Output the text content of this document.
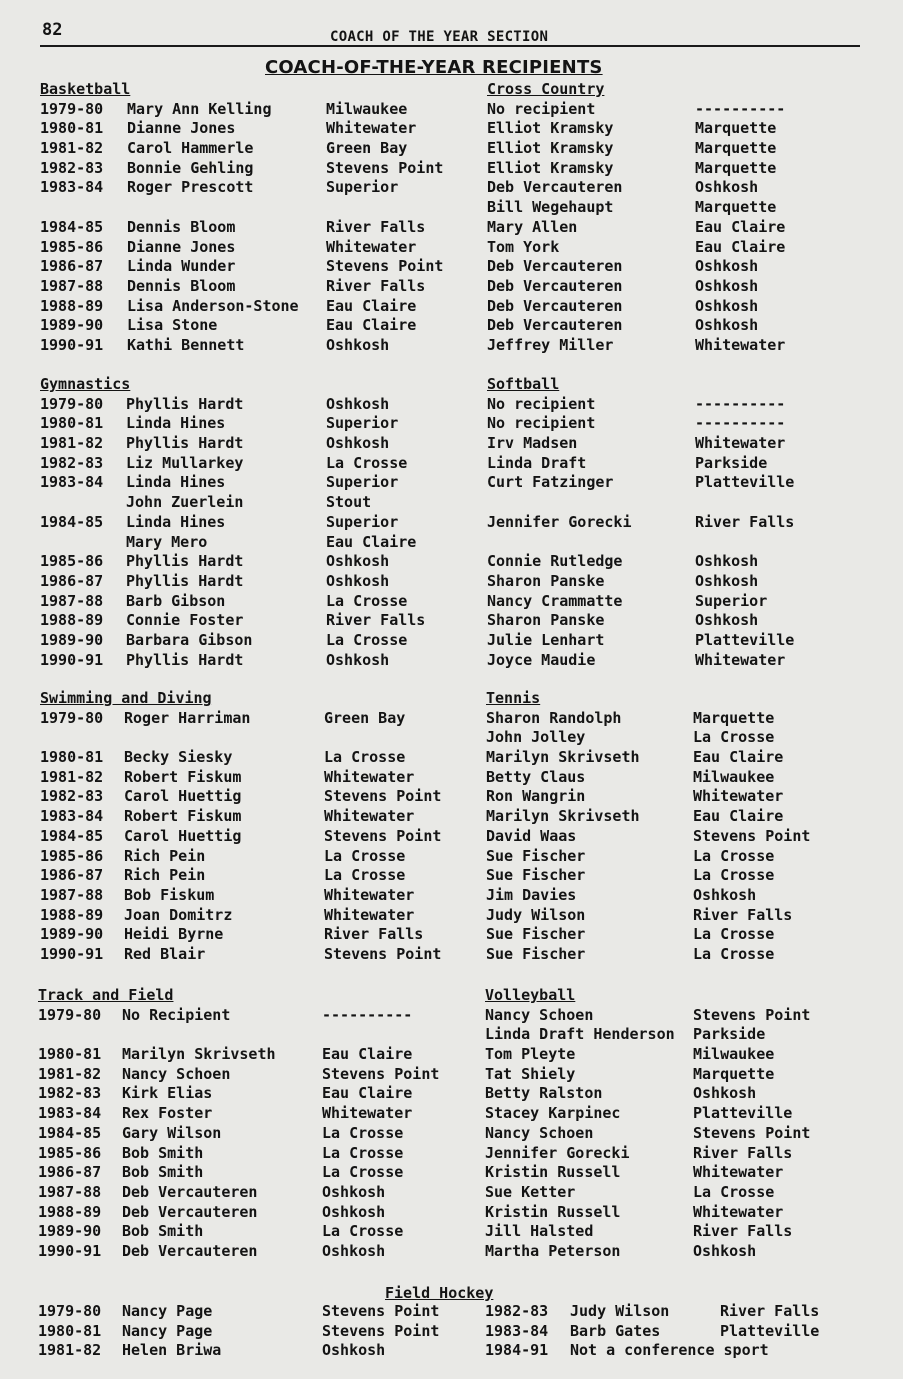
82	COACH OF THE YEAR SECTION
COACH-OF-THE-YEAR RECIPIENTS
Basketball
1979-80 Mary Ann Kelling	Milwaukee
1980-81 Dianne Jones	Whitewater
1981-82 Carol Hammerle	Green Bay
1982-83 Bonnie Gehling	Stevens Point
1983-84 Roger Prescott	Superior
1984-85 Dennis Bloom	River Falls
1985-86 Dianne Jones	Whitewater
1986-87 Linda Wunder	Stevens Point
1987-88 Dennis Bloom	River Falls
1988-89 Lisa Anderson-Stone Eau Claire
1989-90 Lisa Stone	Eau Claire
1990-91 Kathi Bennett	Oshkosh
Cross Country
No recipient	----------
Elliot Kramsky	Marquette
Elliot Kramsky	Marquette
Elliot Kramsky	Marquette
Deb Vercauteren	Oshkosh
Bill Wegehaupt	Marquette
Mary Allen	Eau Claire
Tom York	Eau Claire
Deb Vercauteren	Oshkosh
Deb Vercauteren	Oshkosh
Deb Vercauteren	Oshkosh
Deb Vercauteren	Oshkosh
Jeffrey Miller	Whitewater
Gymnastics
1979-80 Phyllis Hardt	Oshkosh
1980-81 Linda Hines	Superior
1981-82 Phyllis Hardt	Oshkosh
1982-83 Liz Mullarkey	La Crosse
1983-84 Linda Hines	Superior
John Zuerlein	Stout
1984-85 Linda Hines	Superior
Mary Mero	Eau Claire
1985-86 Phyllis Hardt	Oshkosh
1986-87 Phyllis Hardt	Oshkosh
1987-88 Barb Gibson	La Crosse
1988-89 Connie Foster	River Falls
1989-90 Barbara Gibson	La Crosse
1990-91 Phyllis Hardt	Oshkosh
Softball
No recipient	----------
No recipient	----------
Irv Madsen	Whitewater
Linda Draft	Parkside
Curt Fatzinger	Platteville
Jennifer Gorecki	River Falls
Connie Rutledge	Oshkosh
Sharon Panske	Oshkosh
Nancy Crammatte	Superior
Sharon Panske	Oshkosh
Julie Lenhart	Platteville
Joyce Maudie	Whitewater
Swimming and Diving
1979-80 Roger Harriman	Green Bay
1980-81 Becky Siesky	La Crosse
1981-82 Robert Fiskum	Whitewater
1982-83 Carol Huettig	Stevens Point
1983-84 Robert Fiskum	Whitewater
1984-85 Carol Huettig	Stevens Point
1985-86 Rich Pein	La Crosse
1986-87 Rich Pein	La Crosse
1987-88 Bob Fiskum	Whitewater
1988-89 Joan Domitrz	Whitewater
1989-90 Heidi Byrne	River Falls
1990-91 Red Blair	Stevens Point
Tennis
Sharon Randolph	Marquette
John Jolley	La Crosse
Marilyn Skrivseth	Eau Claire
Betty Claus	Milwaukee
Ron Wangrin	Whitewater
Marilyn Skrivseth	Eau Claire
David Waas	Stevens Point
Sue Fischer	La Crosse
Sue Fischer	La Crosse
Jim Davies	Oshkosh
Judy Wilson	River Falls
Sue Fischer	La Crosse
Sue Fischer	La Crosse
Track and Field
1979-80 No Recipient	----------
1980-81 Marilyn Skrivseth	Eau Claire
1981-82 Nancy Schoen	Stevens Point
1982-83 Kirk Elias	Eau Claire
1983-84 Rex Foster	Whitewater
1984-85 Gary Wilson	La Crosse
1985-86 Bob Smith	La Crosse
1986-87 Bob Smith	La Crosse
1987-88 Deb Vercauteren	Oshkosh
1988-89 Deb Vercauteren	Oshkosh
1989-90 Bob Smith	La Crosse
1990-91 Deb Vercauteren	Oshkosh
Volleyball
Nancy Schoen	Stevens Point
Linda Draft Henderson Parkside
Tom Pleyte	Milwaukee
Tat Shiely	Marquette
Betty Ralston	Oshkosh
Stacey Karpinec	Platteville
Nancy Schoen	Stevens Point
Jennifer Gorecki	River Falls
Kristin Russell	Whitewater
Sue Ketter	La Crosse
Kristin Russell	Whitewater
Jill Halsted	River Falls
Martha Peterson	Oshkosh
1979-80 Nancy Page	Stevens Point
1980-81 Nancy Page	Stevens Point
1981-82 Helen Briwa	Oshkosh
1982-83 Judy Wilson	River Falls
1983-84 Barb Gates	Platteville
1984-91 Not a conference sport
Field Hockey
